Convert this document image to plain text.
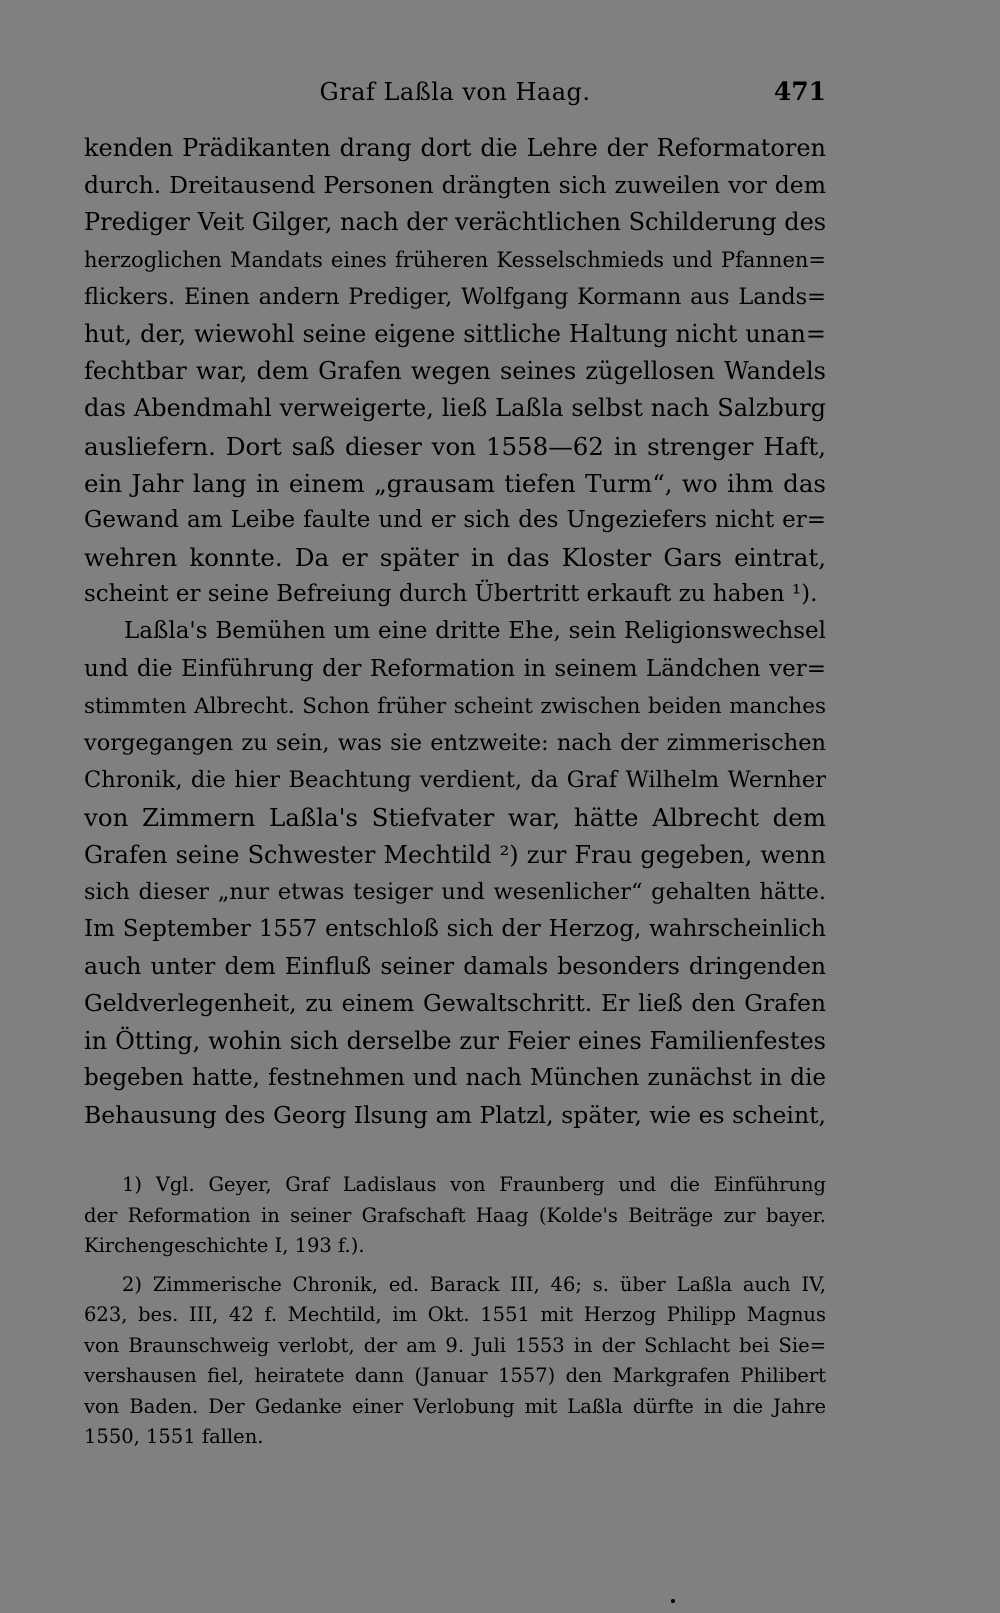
Graf Laßla von Haag.	471
kenden Prädikanten drang dort die Lehre der Reformatoren
durch. Dreitausend Personen drängten sich zuweilen vor dem
Prediger Veit Gilger, nach der verächtlichen Schilderung des
herzoglichen Mandats eines früheren Kesselschmieds und Pfannen=
flickers. Einen andern Prediger, Wolfgang Kormann aus Lands=
hut, der, wiewohl seine eigene sittliche Haltung nicht unan=
fechtbar war, dem Grafen wegen seines zügellosen Wandels
das Abendmahl verweigerte, ließ Laßla selbst nach Salzburg
ausliefern. Dort saß dieser von 1558—62 in strenger Haft,
ein Jahr lang in einem „grausam tiefen Turm“, wo ihm das
Gewand am Leibe faulte und er sich des Ungeziefers nicht er=
wehren konnte. Da er später in das Kloster Gars eintrat,
scheint er seine Befreiung durch Übertritt erkauft zu haben ¹).
Laßla's Bemühen um eine dritte Ehe, sein Religionswechsel
und die Einführung der Reformation in seinem Ländchen ver=
stimmten Albrecht. Schon früher scheint zwischen beiden manches
vorgegangen zu sein, was sie entzweite: nach der zimmerischen
Chronik, die hier Beachtung verdient, da Graf Wilhelm Wernher
von Zimmern Laßla's Stiefvater war, hätte Albrecht dem
Grafen seine Schwester Mechtild ²) zur Frau gegeben, wenn
sich dieser „nur etwas tesiger und wesenlicher“ gehalten hätte.
Im September 1557 entschloß sich der Herzog, wahrscheinlich
auch unter dem Einfluß seiner damals besonders dringenden
Geldverlegenheit, zu einem Gewaltschritt. Er ließ den Grafen
in Ötting, wohin sich derselbe zur Feier eines Familienfestes
begeben hatte, festnehmen und nach München zunächst in die
Behausung des Georg Ilsung am Platzl, später, wie es scheint,
1) Vgl. Geyer, Graf Ladislaus von Fraunberg und die Einführung
der Reformation in seiner Grafschaft Haag (Kolde's Beiträge zur bayer.
Kirchengeschichte I, 193 f.).
2) Zimmerische Chronik, ed. Barack III, 46; s. über Laßla auch IV,
623, bes. III, 42 f. Mechtild, im Okt. 1551 mit Herzog Philipp Magnus
von Braunschweig verlobt, der am 9. Juli 1553 in der Schlacht bei Sie=
vershausen fiel, heiratete dann (Januar 1557) den Markgrafen Philibert
von Baden. Der Gedanke einer Verlobung mit Laßla dürfte in die Jahre
1550, 1551 fallen.
